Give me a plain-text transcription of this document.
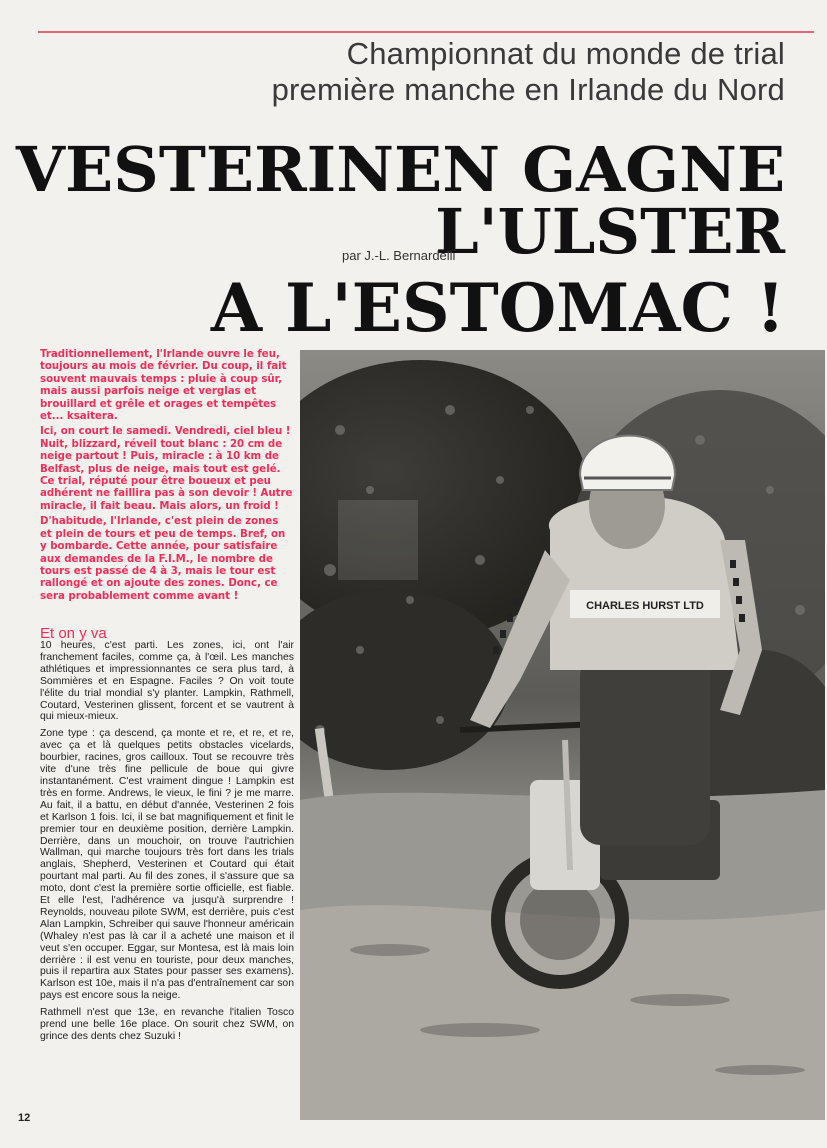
Championnat du monde de trial
première manche en Irlande du Nord
VESTERINEN GAGNE
L'ULSTER
par J.-L. Bernardelli
A L'ESTOMAC !

Traditionnellement, l'Irlande ouvre le feu, toujours au mois de février. Du coup, il fait souvent mauvais temps : pluie à coup sûr, mais aussi parfois neige et verglas et brouillard et grêle et orages et tempêtes et... ksaitera.

Ici, on court le samedi. Vendredi, ciel bleu ! Nuit, blizzard, réveil tout blanc : 20 cm de neige partout ! Puis, miracle : à 10 km de Belfast, plus de neige, mais tout est gelé. Ce trial, réputé pour être boueux et peu adhérent ne faillira pas à son devoir ! Autre miracle, il fait beau. Mais alors, un froid !

D'habitude, l'Irlande, c'est plein de zones et plein de tours et peu de temps. Bref, on y bombarde. Cette année, pour satisfaire aux demandes de la F.I.M., le nombre de tours est passé de 4 à 3, mais le tour est rallongé et on ajoute des zones. Donc, ce sera probablement comme avant !

Et on y va

10 heures, c'est parti. Les zones, ici, ont l'air franchement faciles, comme ça, à l'œil. Les manches athlétiques et impressionnantes ce sera plus tard, à Sommières et en Espagne. Faciles ? On voit toute l'élite du trial mondial s'y planter. Lampkin, Rathmell, Coutard, Vesterinen glissent, forcent et se vautrent à qui mieux-mieux.

Zone type : ça descend, ça monte et re, et re, et re, avec ça et là quelques petits obstacles vicelards, bourbier, racines, gros cailloux. Tout se recouvre très vite d'une très fine pellicule de boue qui givre instantanément. C'est vraiment dingue ! Lampkin est très en forme. Andrews, le vieux, le fini ? je me marre. Au fait, il a battu, en début d'année, Vesterinen 2 fois et Karlson 1 fois. Ici, il se bat magnifiquement et finit le premier tour en deuxième position, derrière Lampkin. Derrière, dans un mouchoir, on trouve l'autrichien Wallman, qui marche toujours très fort dans les trials anglais, Shepherd, Vesterinen et Coutard qui était pourtant mal parti. Au fil des zones, il s'assure que sa moto, dont c'est la première sortie officielle, est fiable. Et elle l'est, l'adhérence va jusqu'à surprendre ! Reynolds, nouveau pilote SWM, est derrière, puis c'est Alan Lampkin, Schreiber qui sauve l'honneur américain (Whaley n'est pas là car il a acheté une maison et il veut s'en occuper. Eggar, sur Montesa, est là mais loin derrière : il est venu en touriste, pour deux manches, puis il repartira aux States pour passer ses examens). Karlson est 10e, mais il n'a pas d'entraînement car son pays est encore sous la neige.

Rathmell n'est que 13e, en revanche l'italien Tosco prend une belle 16e place. On sourit chez SWM, on grince des dents chez Suzuki !

12
CHARLES HURST LTD
